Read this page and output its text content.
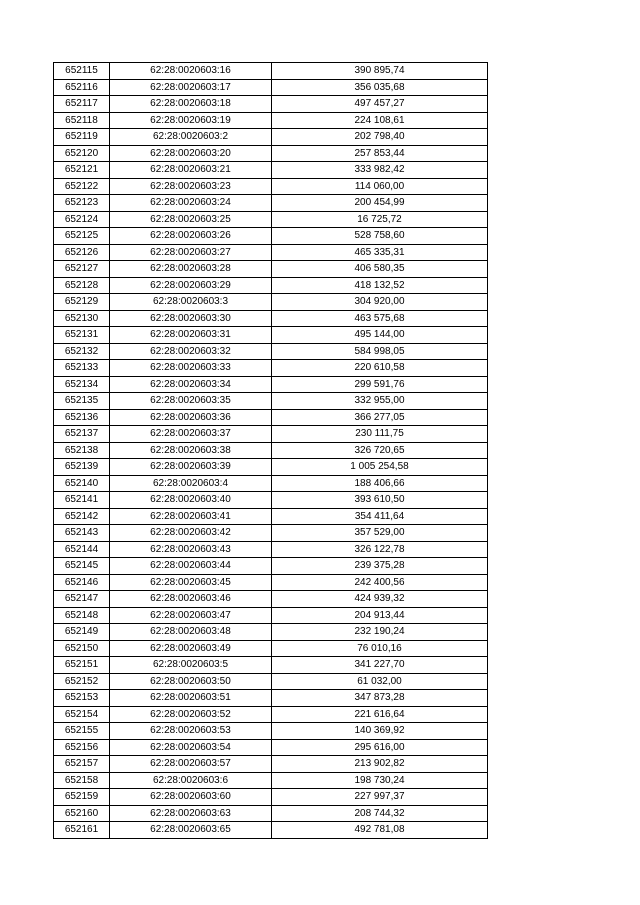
652115	62:28:0020603:16	390 895,74
652116	62:28:0020603:17	356 035,68
652117	62:28:0020603:18	497 457,27
652118	62:28:0020603:19	224 108,61
652119	62:28:0020603:2	202 798,40
652120	62:28:0020603:20	257 853,44
652121	62:28:0020603:21	333 982,42
652122	62:28:0020603:23	114 060,00
652123	62:28:0020603:24	200 454,99
652124	62:28:0020603:25	16 725,72
652125	62:28:0020603:26	528 758,60
652126	62:28:0020603:27	465 335,31
652127	62:28:0020603:28	406 580,35
652128	62:28:0020603:29	418 132,52
652129	62:28:0020603:3	304 920,00
652130	62:28:0020603:30	463 575,68
652131	62:28:0020603:31	495 144,00
652132	62:28:0020603:32	584 998,05
652133	62:28:0020603:33	220 610,58
652134	62:28:0020603:34	299 591,76
652135	62:28:0020603:35	332 955,00
652136	62:28:0020603:36	366 277,05
652137	62:28:0020603:37	230 111,75
652138	62:28:0020603:38	326 720,65
652139	62:28:0020603:39	1 005 254,58
652140	62:28:0020603:4	188 406,66
652141	62:28:0020603:40	393 610,50
652142	62:28:0020603:41	354 411,64
652143	62:28:0020603:42	357 529,00
652144	62:28:0020603:43	326 122,78
652145	62:28:0020603:44	239 375,28
652146	62:28:0020603:45	242 400,56
652147	62:28:0020603:46	424 939,32
652148	62:28:0020603:47	204 913,44
652149	62:28:0020603:48	232 190,24
652150	62:28:0020603:49	76 010,16
652151	62:28:0020603:5	341 227,70
652152	62:28:0020603:50	61 032,00
652153	62:28:0020603:51	347 873,28
652154	62:28:0020603:52	221 616,64
652155	62:28:0020603:53	140 369,92
652156	62:28:0020603:54	295 616,00
652157	62:28:0020603:57	213 902,82
652158	62:28:0020603:6	198 730,24
652159	62:28:0020603:60	227 997,37
652160	62:28:0020603:63	208 744,32
652161	62:28:0020603:65	492 781,08
